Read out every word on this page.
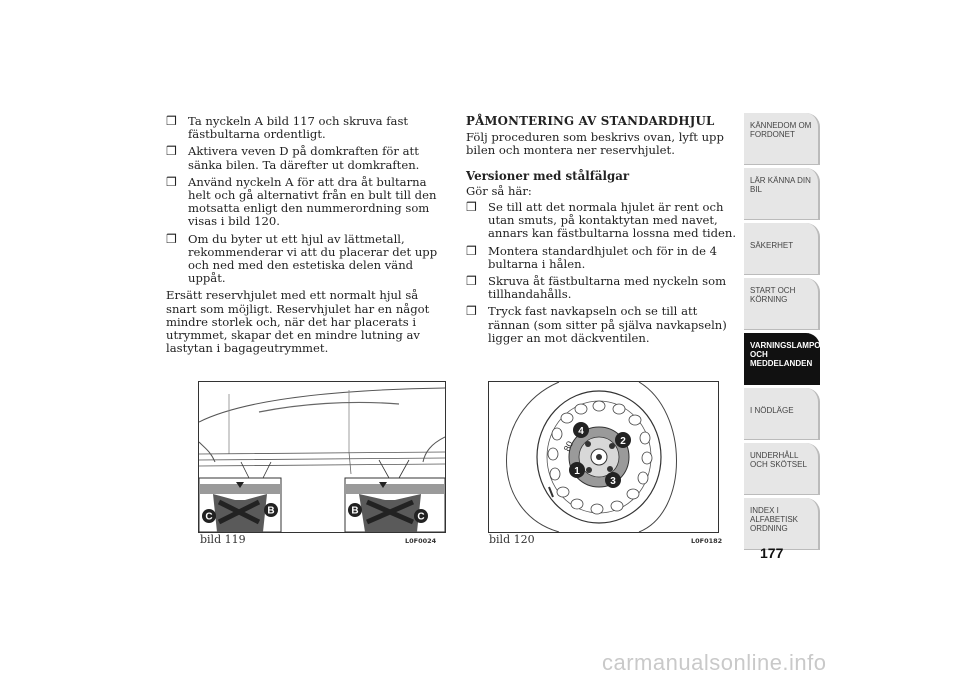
❒ Ta nyckeln A bild 117 och skruva fast fästbultarna ordentligt.
❒ Aktivera veven D på domkraften för att sänka bilen. Ta därefter ut domkraften.
❒ Använd nyckeln A för att dra åt bultarna helt och gå alternativt från en bult till den motsatta enligt den nummerordning som visas i bild 120.
❒ Om du byter ut ett hjul av lättmetall, rekommenderar vi att du placerar det upp och ned med den estetiska delen vänd uppåt.

Ersätt reservhjulet med ett normalt hjul så snart som möjligt. Reservhjulet har en något mindre storlek och, när det har placerats i utrymmet, skapar det en mindre lutning av lastytan i bagageutrymmet.

PÅMONTERING AV STANDARDHJUL

Följ proceduren som beskrivs ovan, lyft upp bilen och montera ner reservhjulet.

Versioner med stålfälgar

Gör så här:

❒ Se till att det normala hjulet är rent och utan smuts, på kontaktytan med navet, annars kan fästbultarna lossna med tiden.
❒ Montera standardhjulet och för in de 4 bultarna i hålen.
❒ Skruva åt fästbultarna med nyckeln som tillhandahålls.
❒ Tryck fast navkapseln och se till att rännan (som sitter på själva navkapseln) ligger an mot däckventilen.
C
B	B
C
bild 119	L0F0024
80
4
2
1
3
bild 120	L0F0182
KÄNNEDOM OM FORDONET
LÄR KÄNNA DIN BIL
SÄKERHET
START OCH KÖRNING
VARNINGSLAMPOR OCH MEDDELANDEN
I NÖDLÄGE
UNDERHÅLL OCH SKÖTSEL
INDEX I ALFABETISK ORDNING
177
carmanualsonline.info
